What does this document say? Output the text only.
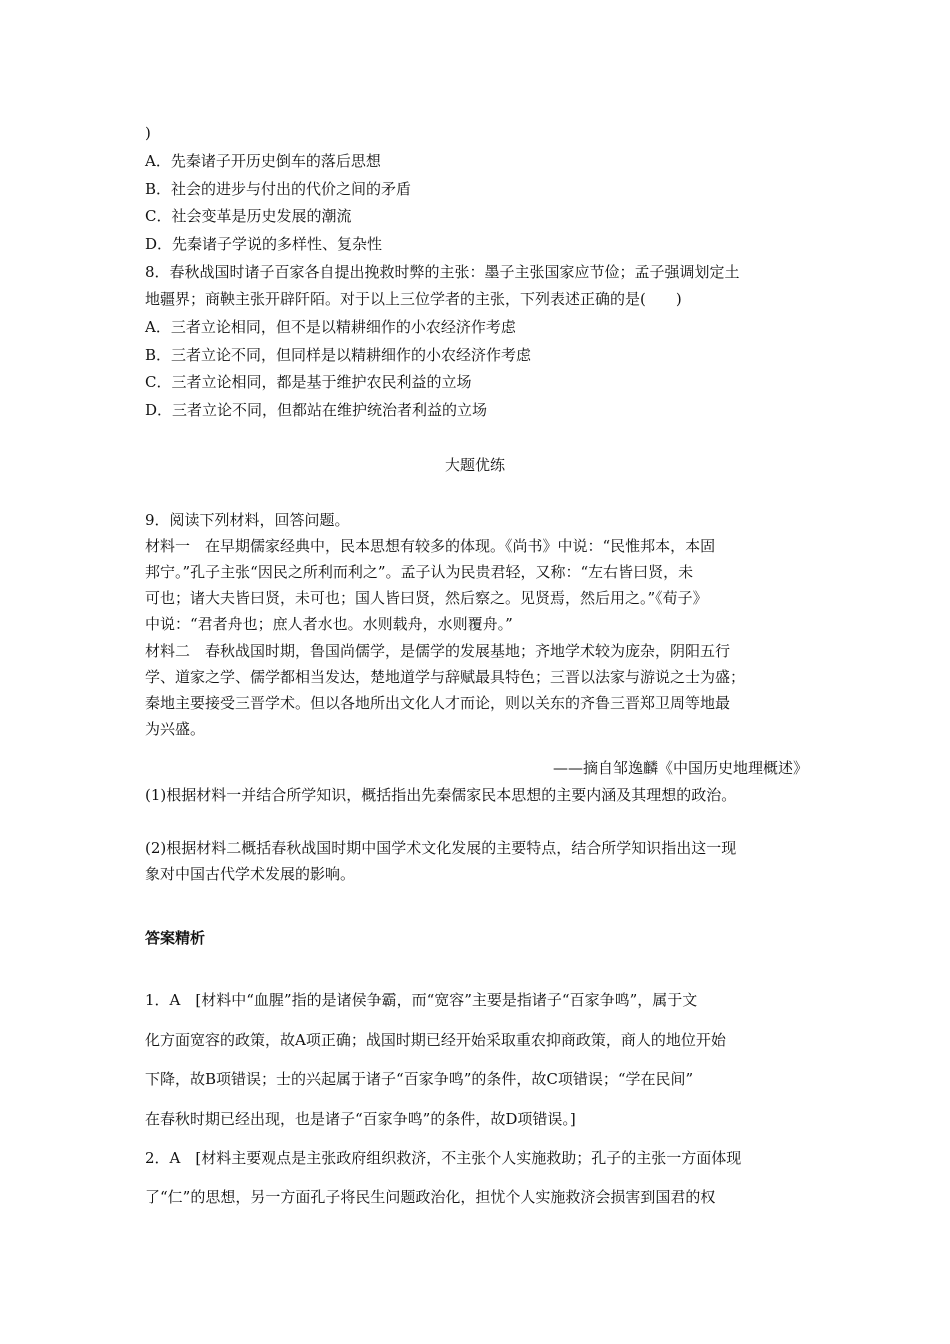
)
A．先秦诸子开历史倒车的落后思想
B．社会的进步与付出的代价之间的矛盾
C．社会变革是历史发展的潮流
D．先秦诸子学说的多样性、复杂性
8．春秋战国时诸子百家各自提出挽救时弊的主张：墨子主张国家应节俭；孟子强调划定土
地疆界；商鞅主张开辟阡陌。对于以上三位学者的主张，下列表述正确的是(　　)
A．三者立论相同，但不是以精耕细作的小农经济作考虑
B．三者立论不同，但同样是以精耕细作的小农经济作考虑
C．三者立论相同，都是基于维护农民利益的立场
D．三者立论不同，但都站在维护统治者利益的立场
大题优练
9．阅读下列材料，回答问题。
材料一　在早期儒家经典中，民本思想有较多的体现。《尚书》中说：“民惟邦本，本固
邦宁。”孔子主张“因民之所利而利之”。孟子认为民贵君轻，又称：“左右皆曰贤，未
可也；诸大夫皆曰贤，未可也；国人皆曰贤，然后察之。见贤焉，然后用之。”《荀子》
中说：“君者舟也；庶人者水也。水则载舟，水则覆舟。”
材料二　春秋战国时期，鲁国尚儒学，是儒学的发展基地；齐地学术较为庞杂，阴阳五行
学、道家之学、儒学都相当发达，楚地道学与辞赋最具特色；三晋以法家与游说之士为盛；
秦地主要接受三晋学术。但以各地所出文化人才而论，则以关东的齐鲁三晋郑卫周等地最
为兴盛。
——摘自邹逸麟《中国历史地理概述》
(1)根据材料一并结合所学知识，概括指出先秦儒家民本思想的主要内涵及其理想的政治。
(2)根据材料二概括春秋战国时期中国学术文化发展的主要特点，结合所学知识指出这一现
象对中国古代学术发展的影响。
答案精析
1．A　[材料中“血腥”指的是诸侯争霸，而“宽容”主要是指诸子“百家争鸣”，属于文
化方面宽容的政策，故A项正确；战国时期已经开始采取重农抑商政策，商人的地位开始
下降，故B项错误；士的兴起属于诸子“百家争鸣”的条件，故C项错误；“学在民间”
在春秋时期已经出现，也是诸子“百家争鸣”的条件，故D项错误。]
2．A　[材料主要观点是主张政府组织救济，不主张个人实施救助；孔子的主张一方面体现
了“仁”的思想，另一方面孔子将民生问题政治化，担忧个人实施救济会损害到国君的权
